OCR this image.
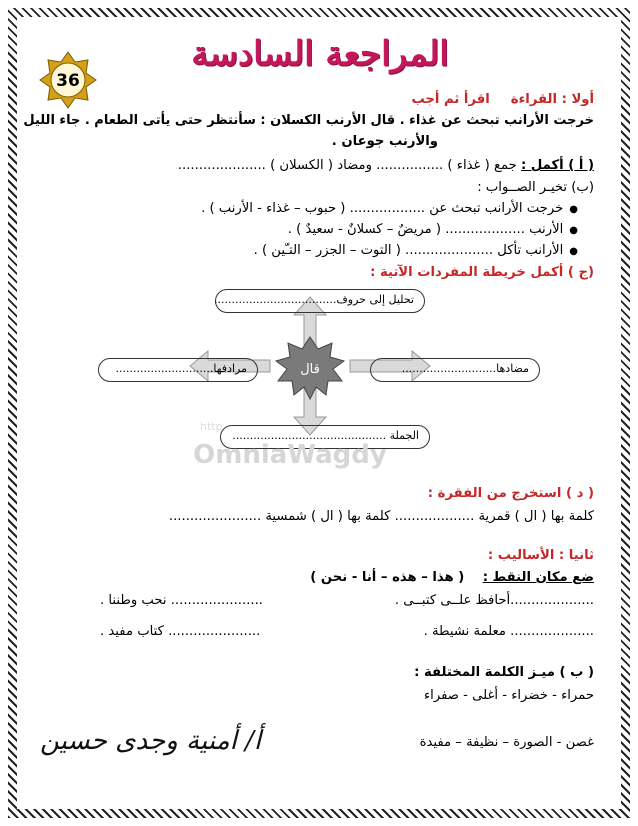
المراجعة السادسة
36
أولا : القراءة     اقرأ ثم أجب
خرجت الأرانب تبحث عن غذاء . قال الأرنب الكسلان : سأنتظر حتى يأتى الطعام . جاء الليل
والأرنب جوعان .
( أ ) أكمل : جمع ( غذاء ) ................ ومضاد ( الكسلان ) .....................
(ب) تخيـر الصــواب :
● خرجت الأرانب تبحث عن .................. ( حبوب – غذاء - الأرنب ) .
● الأرنب ................... ( مريضٌ – كسلانٌ - سعيدٌ ) .
● الأرانب تأكل ..................... ( التوت – الجزر – التـّين ) .
(ج ) أكمل خريطة المفردات الآتية :
قال
تحليل إلى حروف...................................
مرادفها............................	مضادها...........................
الجملة ............................................
OmniaWagdy
http
( د ) استخرج من الفقرة :
كلمة بها ( ال ) قمرية ................... كلمة بها ( ال ) شمسية ......................
ثانيا : الأساليب :
ضع مكان النقط :    ( هذا – هذه – أنا - نحن )
....................أحافظ علــى كتبــى .
...................... نحب وطننا .
.................... معلمة نشيطة .
...................... كتاب مفيد .
( ب ) ميـز الكلمة المختلفة :
حمراء - خضراء - أغلى - صفراء
غصن - الصورة – نظيفة – مفيدة
أ/ أمنية وجدى حسين
